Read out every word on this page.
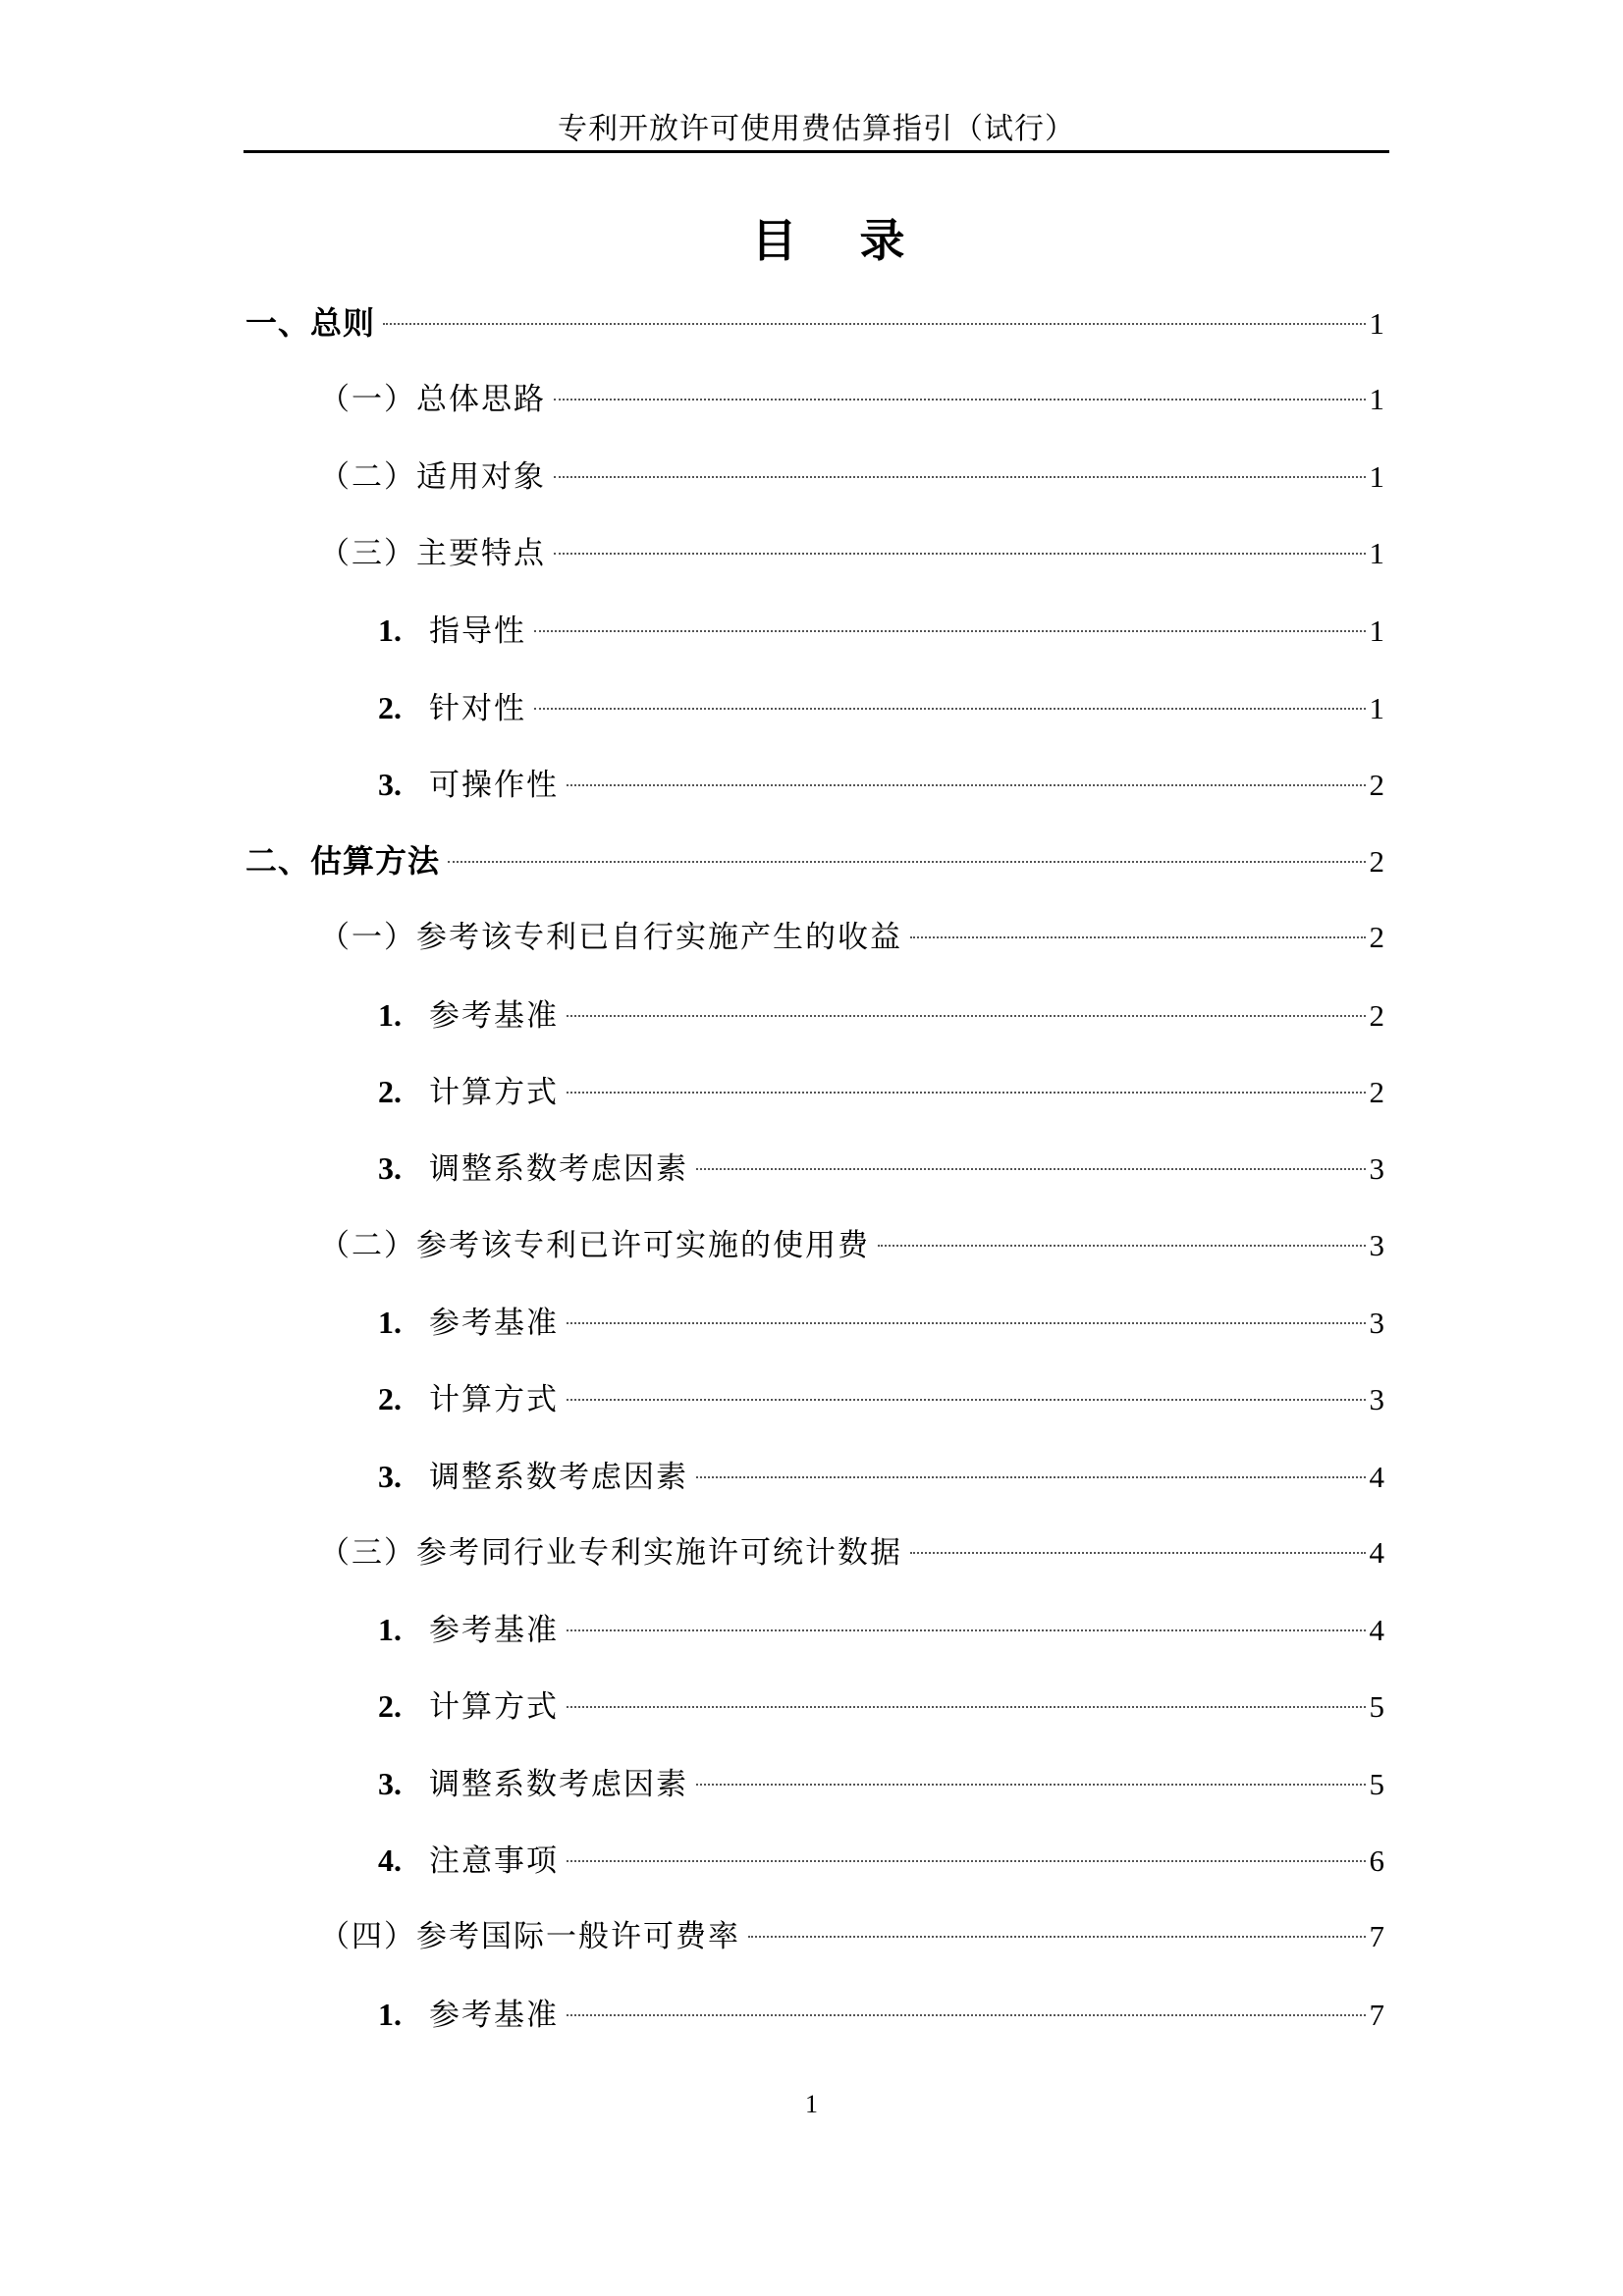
专利开放许可使用费估算指引（试行）
目 录
一、总则	1
（一）总体思路	1
（二）适用对象	1
（三）主要特点	1
1. 指导性	1
2. 针对性	1
3. 可操作性	2
二、估算方法	2
（一）参考该专利已自行实施产生的收益	2
1. 参考基准	2
2. 计算方式	2
3. 调整系数考虑因素	3
（二）参考该专利已许可实施的使用费	3
1. 参考基准	3
2. 计算方式	3
3. 调整系数考虑因素	4
（三）参考同行业专利实施许可统计数据	4
1. 参考基准	4
2. 计算方式	5
3. 调整系数考虑因素	5
4. 注意事项	6
（四）参考国际一般许可费率	7
1. 参考基准	7
1
